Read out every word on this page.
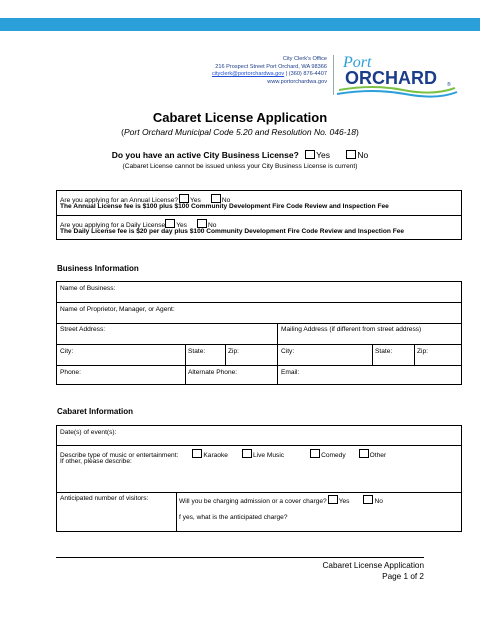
City Clerk's Office
216 Prospect Street Port Orchard, WA 98366
cityclerk@portorchardwa.gov | (360) 876-4407
www.portorchardwa.gov
Port
ORCHARD ®
Cabaret License Application
(Port Orchard Municipal Code 5.20 and Resolution No. 046-18)
Do you have an active City Business License? Yes	No
(Cabaret License cannot be issued unless your City Business License is current)
Are you applying for an Annual License? Yes	No
The Annual License fee is $100 plus $100 Community Development Fire Code Review and Inspection Fee
Are you applying for a Daily License Yes	No
The Daily License fee is $20 per day plus $100 Community Development Fire Code Review and Inspection Fee
Business Information
Name of Business:
Name of Proprietor, Manager, or Agent:
Street Address:	Mailing Address (if different from street address)
City:	State:	Zip:	City:	State:	Zip:
Phone:	Alternate Phone:	Email:
Cabaret Information
Date(s) of event(s):
Describe type of music or entertainment:	Karaoke	Live Music	Comedy	Other
If other, please describe:
Anticipated number of visitors:	Will you be charging admission or a cover charge? Yes	No
f yes, what is the anticipated charge?
Cabaret License Application
Page 1 of 2
